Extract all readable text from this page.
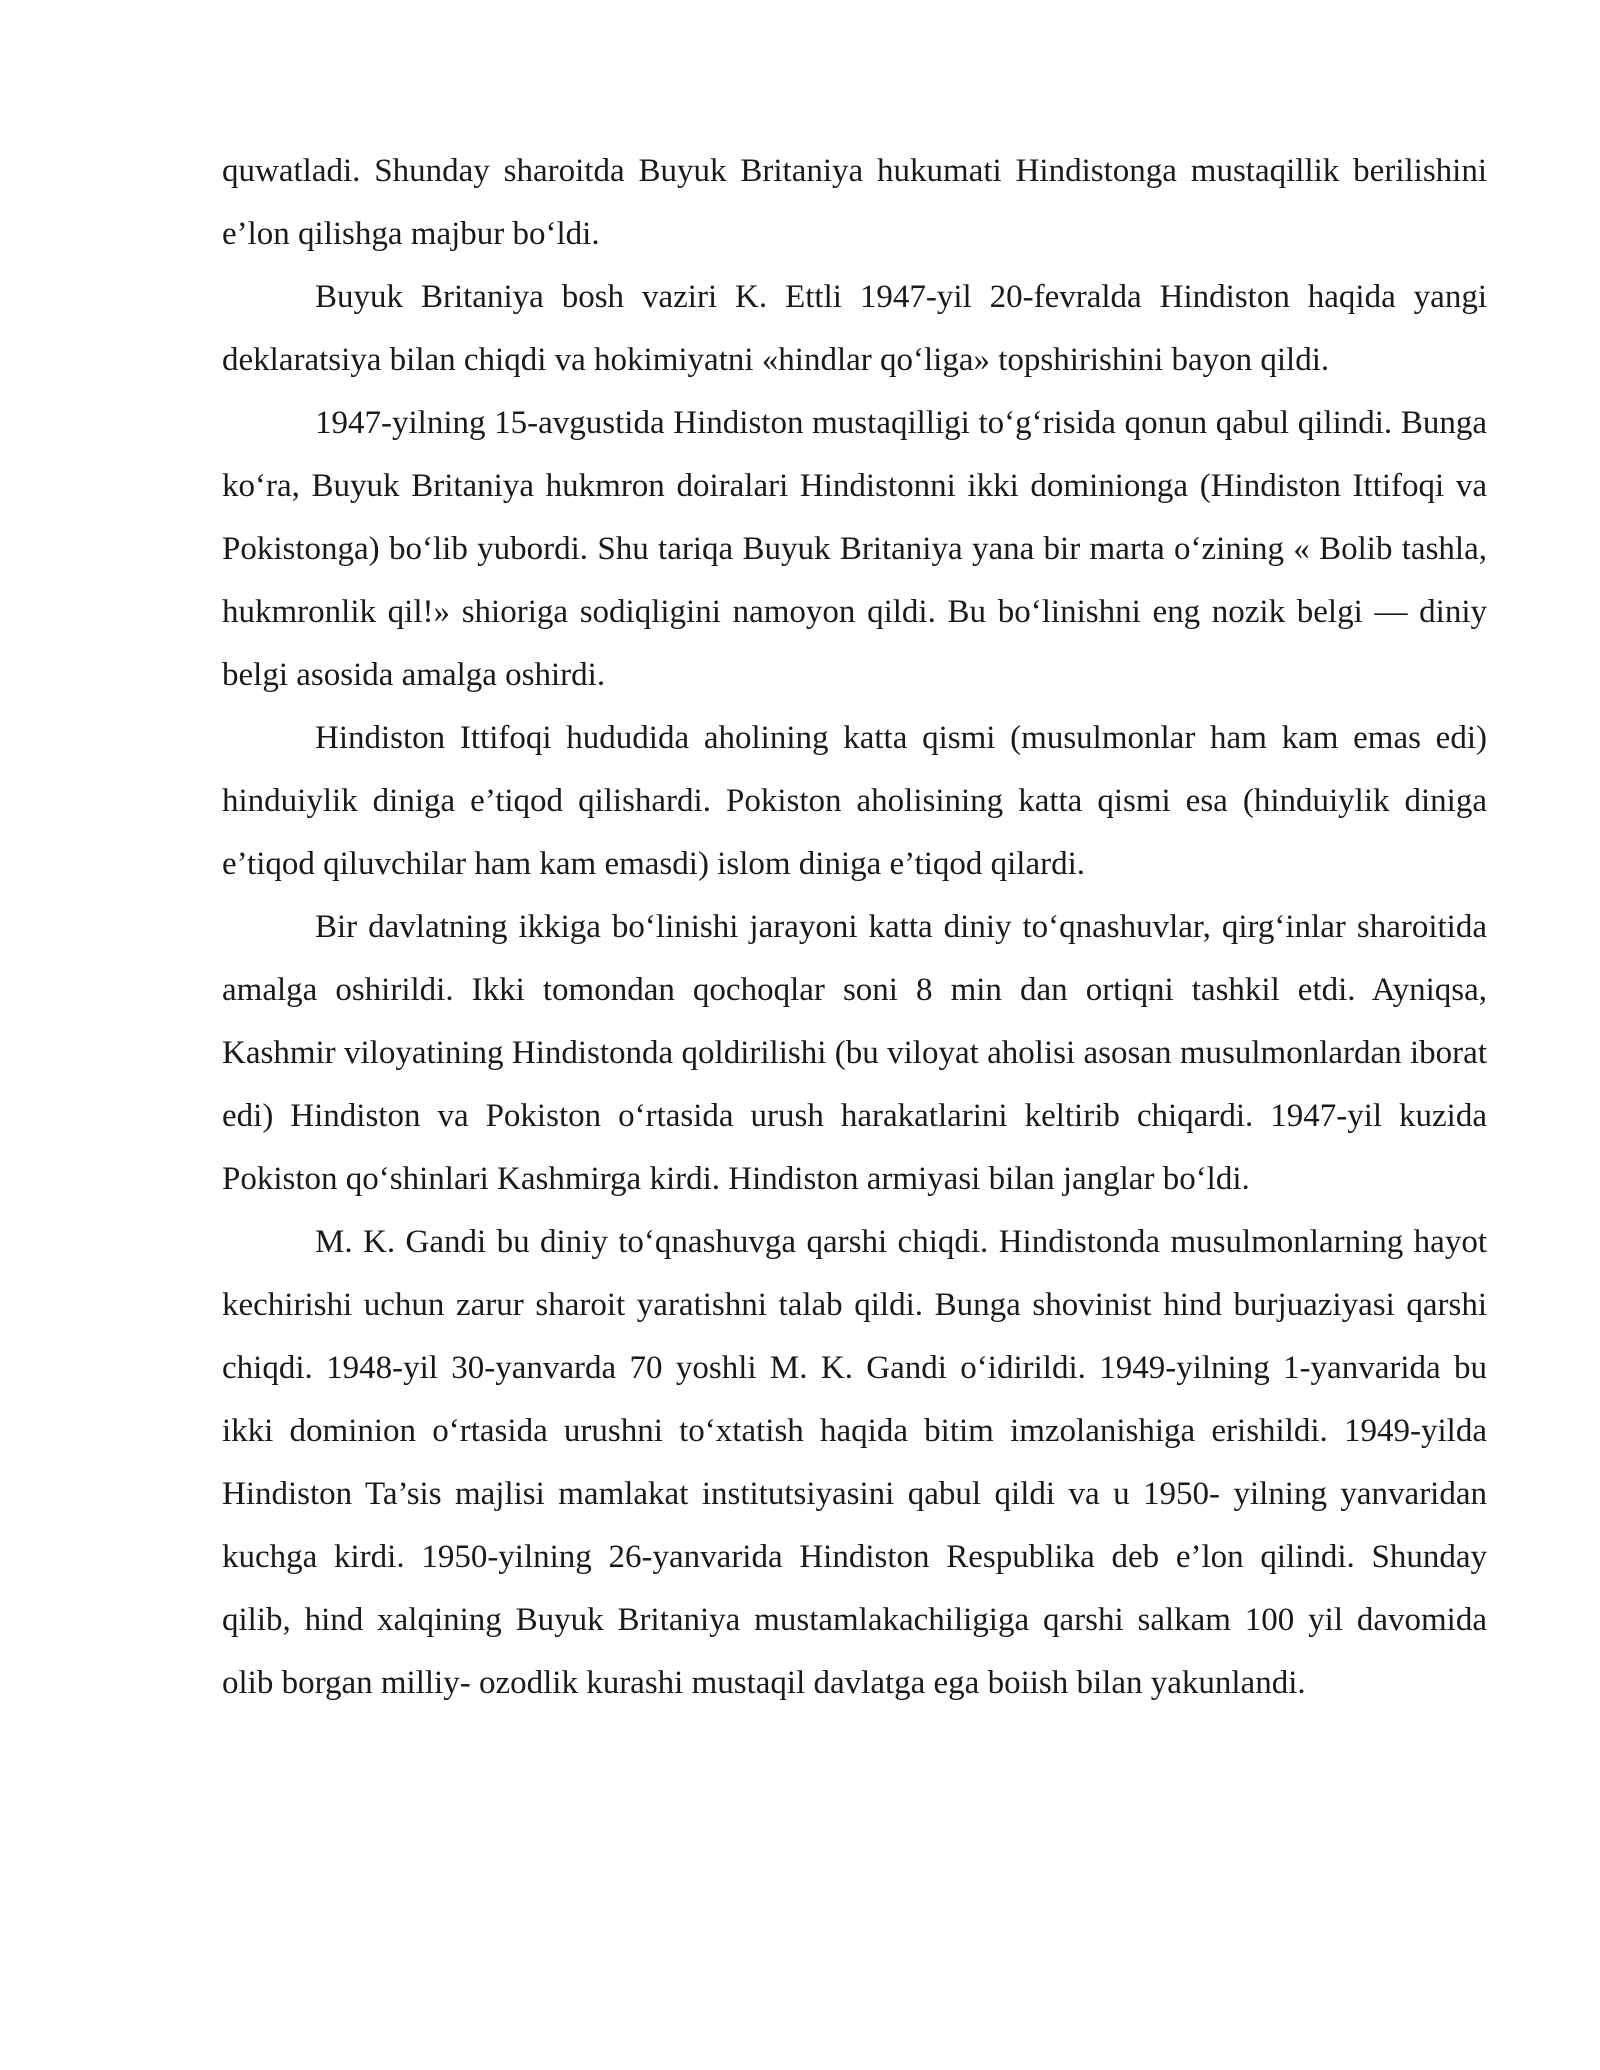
quwatladi. Shunday sharoitda Buyuk Britaniya hukumati Hindistonga mustaqillik berilishini e’lon qilishga majbur bo‘ldi.

Buyuk Britaniya bosh vaziri K. Ettli 1947-yil 20-fevralda Hindiston haqida yangi deklaratsiya bilan chiqdi va hokimiyatni «hindlar qo‘liga» topshirishini bayon qildi.

1947-yilning 15-avgustida Hindiston mustaqilligi to‘g‘risida qonun qabul qilindi. Bunga ko‘ra, Buyuk Britaniya hukmron doiralari Hindistonni ikki dominionga (Hindiston Ittifoqi va Pokistonga) bo‘lib yubordi. Shu tariqa Buyuk Britaniya yana bir marta o‘zining « Bolib tashla, hukmronlik qil!» shioriga sodiqligini namoyon qildi. Bu bo‘linishni eng nozik belgi — diniy belgi asosida amalga oshirdi.

Hindiston Ittifoqi hududida aholining katta qismi (musulmonlar ham kam emas edi) hinduiylik diniga e’tiqod qilishardi. Pokiston aholisining katta qismi esa (hinduiylik diniga e’tiqod qiluvchilar ham kam emasdi) islom diniga e’tiqod qilardi.

Bir davlatning ikkiga bo‘linishi jarayoni katta diniy to‘qnashuvlar, qirg‘inlar sharoitida amalga oshirildi. Ikki tomondan qochoqlar soni 8 min dan ortiqni tashkil etdi. Ayniqsa, Kashmir viloyatining Hindistonda qoldirilishi (bu viloyat aholisi asosan musulmonlardan iborat edi) Hindiston va Pokiston o‘rtasida urush harakatlarini keltirib chiqardi. 1947-yil kuzida Pokiston qo‘shinlari Kashmirga kirdi. Hindiston armiyasi bilan janglar bo‘ldi.

M. K. Gandi bu diniy to‘qnashuvga qarshi chiqdi. Hindistonda musulmonlarning hayot kechirishi uchun zarur sharoit yaratishni talab qildi. Bunga shovinist hind burjuaziyasi qarshi chiqdi. 1948-yil 30-yanvarda 70 yoshli M. K. Gandi o‘idirildi. 1949-yilning 1-yanvarida bu ikki dominion o‘rtasida urushni to‘xtatish haqida bitim imzolanishiga erishildi. 1949-yilda Hindiston Ta’sis majlisi mamlakat institutsiyasini qabul qildi va u 1950- yilning yanvaridan kuchga kirdi. 1950-yilning 26-yanvarida Hindiston Respublika deb e’lon qilindi. Shunday qilib, hind xalqining Buyuk Britaniya mustamlakachiligiga qarshi salkam 100 yil davomida olib borgan milliy- ozodlik kurashi mustaqil davlatga ega boiish bilan yakunlandi.
